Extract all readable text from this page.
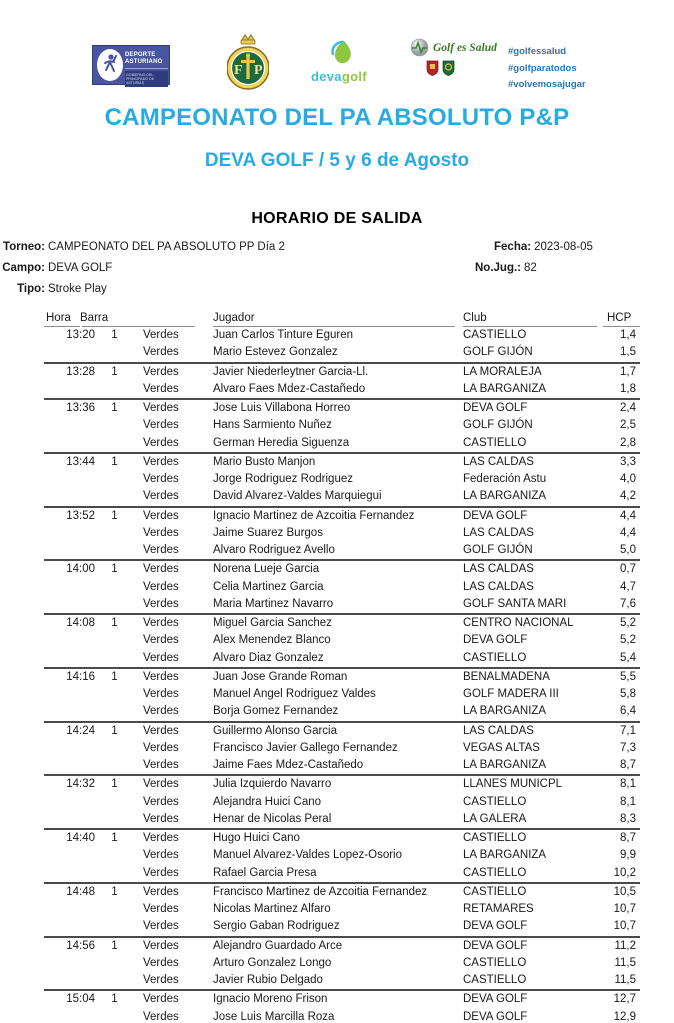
DEPORTE ASTURIANO
GOBIERNO DEL PRINCIPADO DE ASTURIAS
F P	devagolf
Golf es Salud #golfessalud
#golfparatodos
#volvemosajugar
CAMPEONATO DEL PA ABSOLUTO P&P
DEVA GOLF / 5 y 6 de Agosto
HORARIO DE SALIDA
Torneo: CAMPEONATO DEL PA ABSOLUTO PP Día 2
Campo: DEVA GOLF
Tipo: Stroke Play
Fecha: 2023-08-05
No.Jug.: 82
Hora Barra	Jugador	Club	HCP
13:20	1	Verdes	Juan Carlos Tinture Eguren	CASTIELLO	1,4
Verdes	Mario Estevez Gonzalez	GOLF GIJÓN	1,5
13:28	1	Verdes	Javier Niederleytner Garcia-Ll.	LA MORALEJA	1,7
Verdes	Alvaro Faes Mdez-Castañedo	LA BARGANIZA	1,8
13:36	1	Verdes	Jose Luis Villabona Horreo	DEVA GOLF	2,4
Verdes	Hans Sarmiento Nuñez	GOLF GIJÓN	2,5
Verdes	German Heredia Siguenza	CASTIELLO	2,8
13:44	1	Verdes	Mario Busto Manjon	LAS CALDAS	3,3
Verdes	Jorge Rodriguez Rodriguez	Federación Astu	4,0
Verdes	David Alvarez-Valdes Marquiegui	LA BARGANIZA	4,2
13:52	1	Verdes	Ignacio Martinez de Azcoitia Fernandez	DEVA GOLF	4,4
Verdes	Jaime Suarez Burgos	LAS CALDAS	4,4
Verdes	Alvaro Rodriguez Avello	GOLF GIJÓN	5,0
14:00	1	Verdes	Norena Lueje Garcia	LAS CALDAS	0,7
Verdes	Celia Martinez Garcia	LAS CALDAS	4,7
Verdes	Maria Martinez Navarro	GOLF SANTA MARI	7,6
14:08	1	Verdes	Miguel Garcia Sanchez	CENTRO NACIONAL	5,2
Verdes	Alex Menendez Blanco	DEVA GOLF	5,2
Verdes	Alvaro Diaz Gonzalez	CASTIELLO	5,4
14:16	1	Verdes	Juan Jose Grande Roman	BENALMADENA	5,5
Verdes	Manuel Angel Rodriguez Valdes	GOLF MADERA III	5,8
Verdes	Borja Gomez Fernandez	LA BARGANIZA	6,4
14:24	1	Verdes	Guillermo Alonso Garcia	LAS CALDAS	7,1
Verdes	Francisco Javier Gallego Fernandez	VEGAS ALTAS	7,3
Verdes	Jaime Faes Mdez-Castañedo	LA BARGANIZA	8,7
14:32	1	Verdes	Julia Izquierdo Navarro	LLANES MUNICPL	8,1
Verdes	Alejandra Huici Cano	CASTIELLO	8,1
Verdes	Henar de Nicolas Peral	LA GALERA	8,3
14:40	1	Verdes	Hugo Huici Cano	CASTIELLO	8,7
Verdes	Manuel Alvarez-Valdes Lopez-Osorio	LA BARGANIZA	9,9
Verdes	Rafael Garcia Presa	CASTIELLO	10,2
14:48	1	Verdes	Francisco Martinez de Azcoitia Fernandez	CASTIELLO	10,5
Verdes	Nicolas Martinez Alfaro	RETAMARES	10,7
Verdes	Sergio Gaban Rodriguez	DEVA GOLF	10,7
14:56	1	Verdes	Alejandro Guardado Arce	DEVA GOLF	11,2
Verdes	Arturo Gonzalez Longo	CASTIELLO	11,5
Verdes	Javier Rubio Delgado	CASTIELLO	11,5
15:04	1	Verdes	Ignacio Moreno Frison	DEVA GOLF	12,7
Verdes	Jose Luis Marcilla Roza	DEVA GOLF	12,9
